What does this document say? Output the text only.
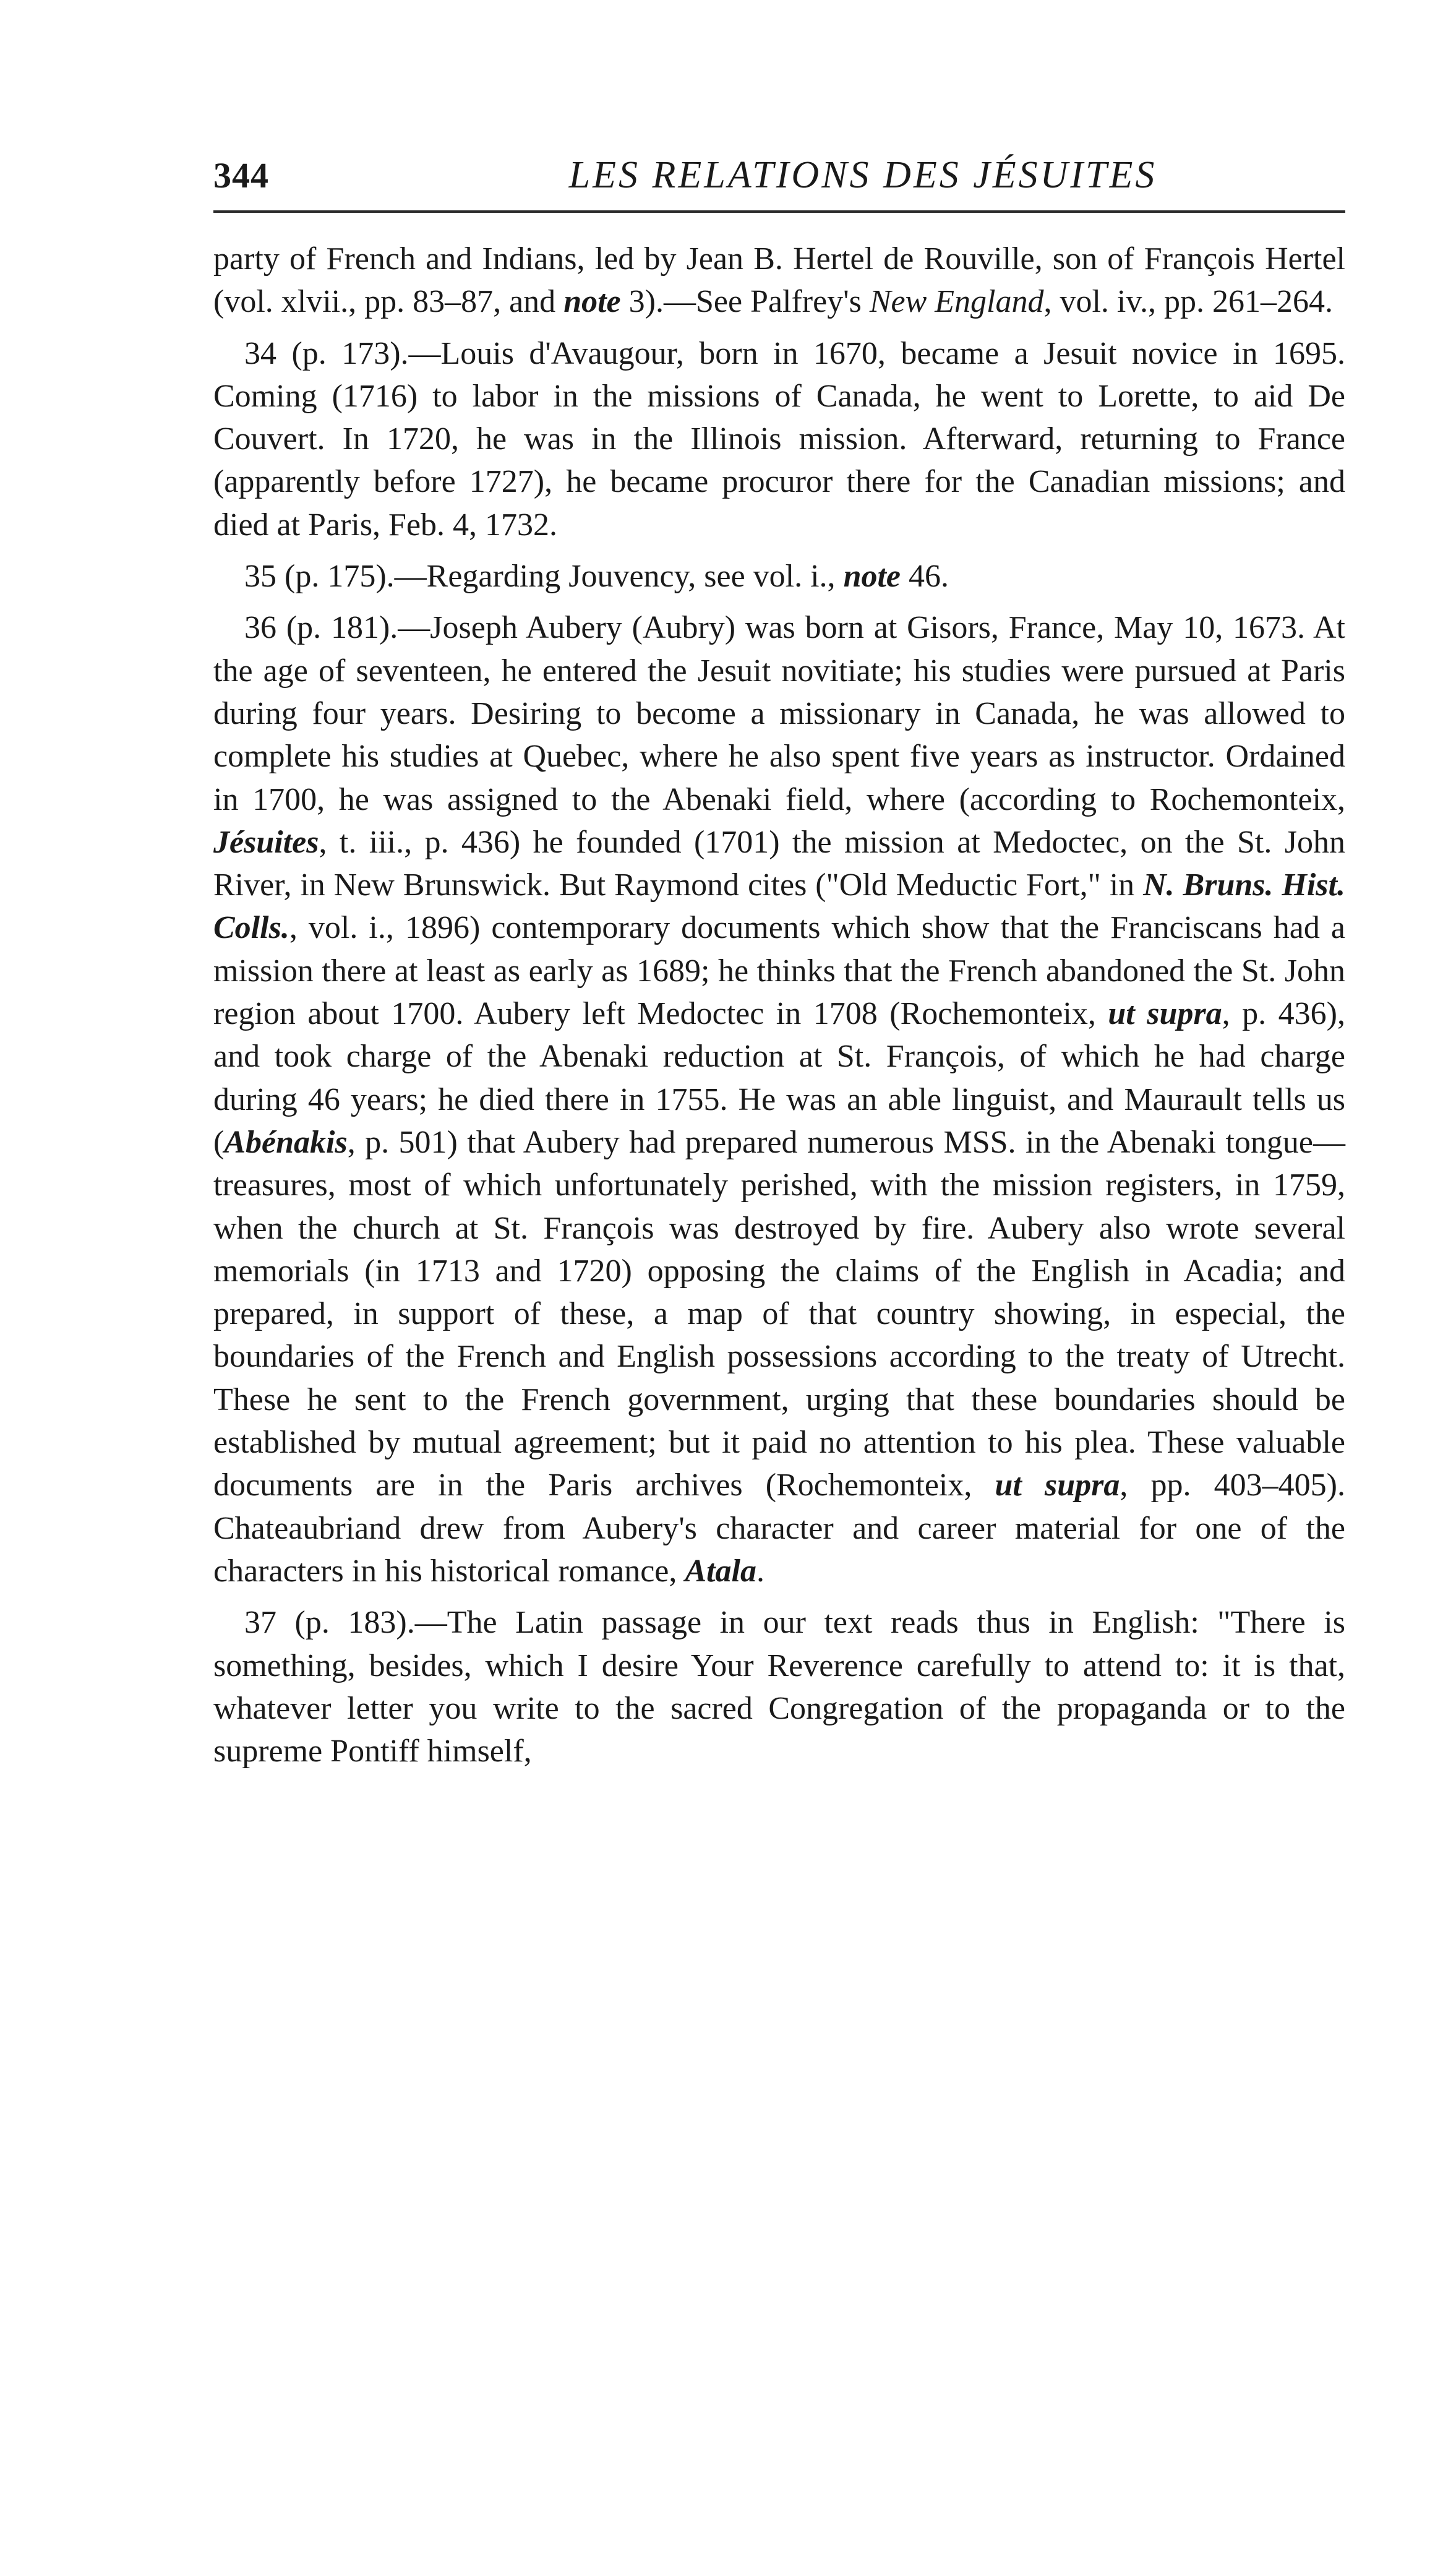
344	LES RELATIONS DES JÉSUITES

party of French and Indians, led by Jean B. Hertel de Rouville, son of François Hertel (vol. xlvii., pp. 83–87, and note 3).—See Palfrey's New England, vol. iv., pp. 261–264.

34 (p. 173).—Louis d'Avaugour, born in 1670, became a Jesuit novice in 1695. Coming (1716) to labor in the missions of Canada, he went to Lorette, to aid De Couvert. In 1720, he was in the Illinois mission. Afterward, returning to France (apparently before 1727), he became procuror there for the Canadian missions; and died at Paris, Feb. 4, 1732.

35 (p. 175).—Regarding Jouvency, see vol. i., note 46.

36 (p. 181).—Joseph Aubery (Aubry) was born at Gisors, France, May 10, 1673. At the age of seventeen, he entered the Jesuit novitiate; his studies were pursued at Paris during four years. Desiring to become a missionary in Canada, he was allowed to complete his studies at Quebec, where he also spent five years as instructor. Ordained in 1700, he was assigned to the Abenaki field, where (according to Rochemonteix, Jésuites, t. iii., p. 436) he founded (1701) the mission at Medoctec, on the St. John River, in New Brunswick. But Raymond cites ("Old Meductic Fort," in N. Bruns. Hist. Colls., vol. i., 1896) contemporary documents which show that the Franciscans had a mission there at least as early as 1689; he thinks that the French abandoned the St. John region about 1700. Aubery left Medoctec in 1708 (Rochemonteix, ut supra, p. 436), and took charge of the Abenaki reduction at St. François, of which he had charge during 46 years; he died there in 1755. He was an able linguist, and Maurault tells us (Abénakis, p. 501) that Aubery had prepared numerous MSS. in the Abenaki tongue—treasures, most of which unfortunately perished, with the mission registers, in 1759, when the church at St. François was destroyed by fire. Aubery also wrote several memorials (in 1713 and 1720) opposing the claims of the English in Acadia; and prepared, in support of these, a map of that country showing, in especial, the boundaries of the French and English possessions according to the treaty of Utrecht. These he sent to the French government, urging that these boundaries should be established by mutual agreement; but it paid no attention to his plea. These valuable documents are in the Paris archives (Rochemonteix, ut supra, pp. 403–405). Chateaubriand drew from Aubery's character and career material for one of the characters in his historical romance, Atala.

37 (p. 183).—The Latin passage in our text reads thus in English: "There is something, besides, which I desire Your Reverence carefully to attend to: it is that, whatever letter you write to the sacred Congregation of the propaganda or to the supreme Pontiff himself,
